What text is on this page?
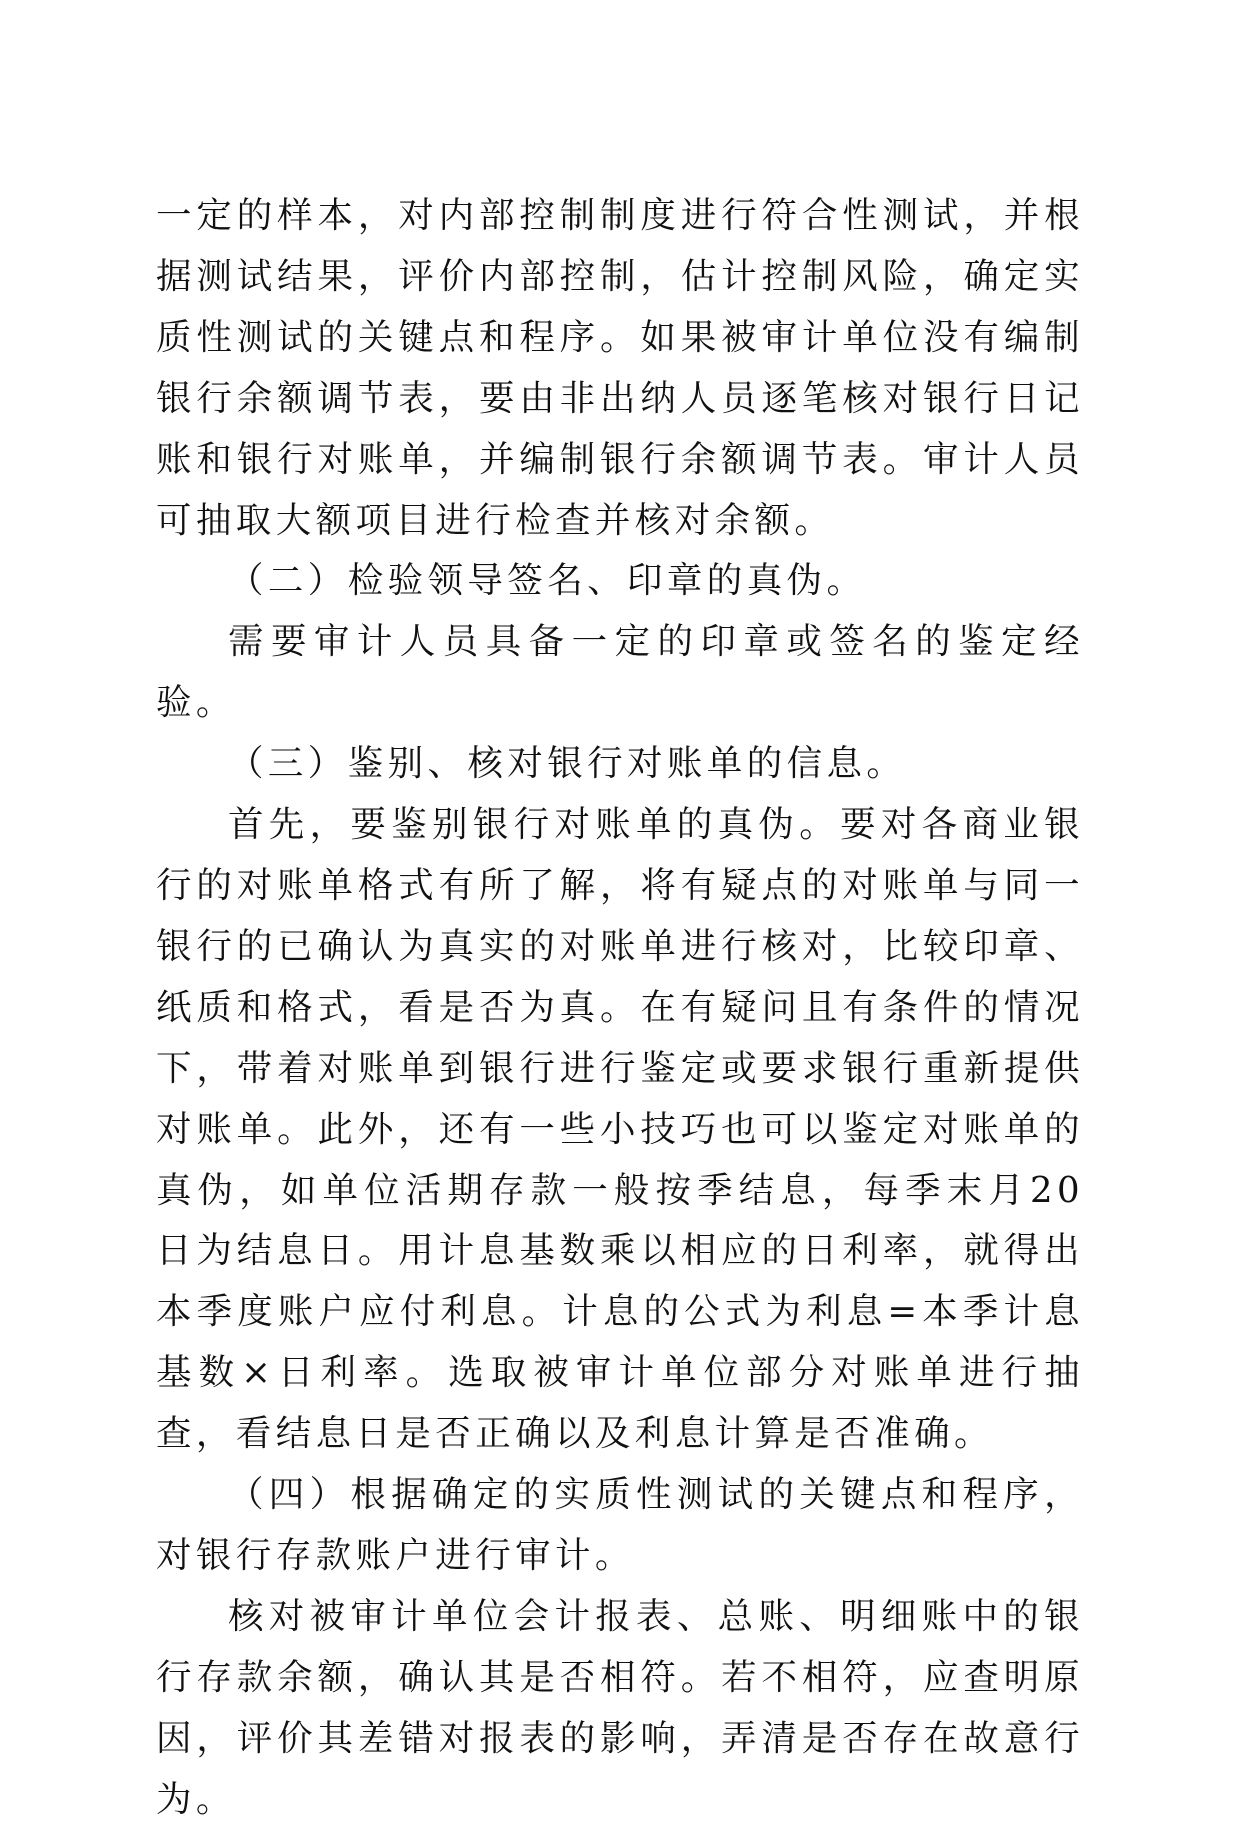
一定的样本，对内部控制制度进行符合性测试，并根据测试结果，评价内部控制，估计控制风险，确定实质性测试的关键点和程序。如果被审计单位没有编制银行余额调节表，要由非出纳人员逐笔核对银行日记账和银行对账单，并编制银行余额调节表。审计人员可抽取大额项目进行检查并核对余额。

（二）检验领导签名、印章的真伪。

需要审计人员具备一定的印章或签名的鉴定经验。

（三）鉴别、核对银行对账单的信息。

首先，要鉴别银行对账单的真伪。要对各商业银行的对账单格式有所了解，将有疑点的对账单与同一银行的已确认为真实的对账单进行核对，比较印章、纸质和格式，看是否为真。在有疑问且有条件的情况下，带着对账单到银行进行鉴定或要求银行重新提供对账单。此外，还有一些小技巧也可以鉴定对账单的真伪，如单位活期存款一般按季结息，每季末月20日为结息日。用计息基数乘以相应的日利率，就得出本季度账户应付利息。计息的公式为利息=本季计息基数×日利率。选取被审计单位部分对账单进行抽查，看结息日是否正确以及利息计算是否准确。

（四）根据确定的实质性测试的关键点和程序，对银行存款账户进行审计。

核对被审计单位会计报表、总账、明细账中的银行存款余额，确认其是否相符。若不相符，应查明原因，评价其差错对报表的影响，弄清是否存在故意行为。
